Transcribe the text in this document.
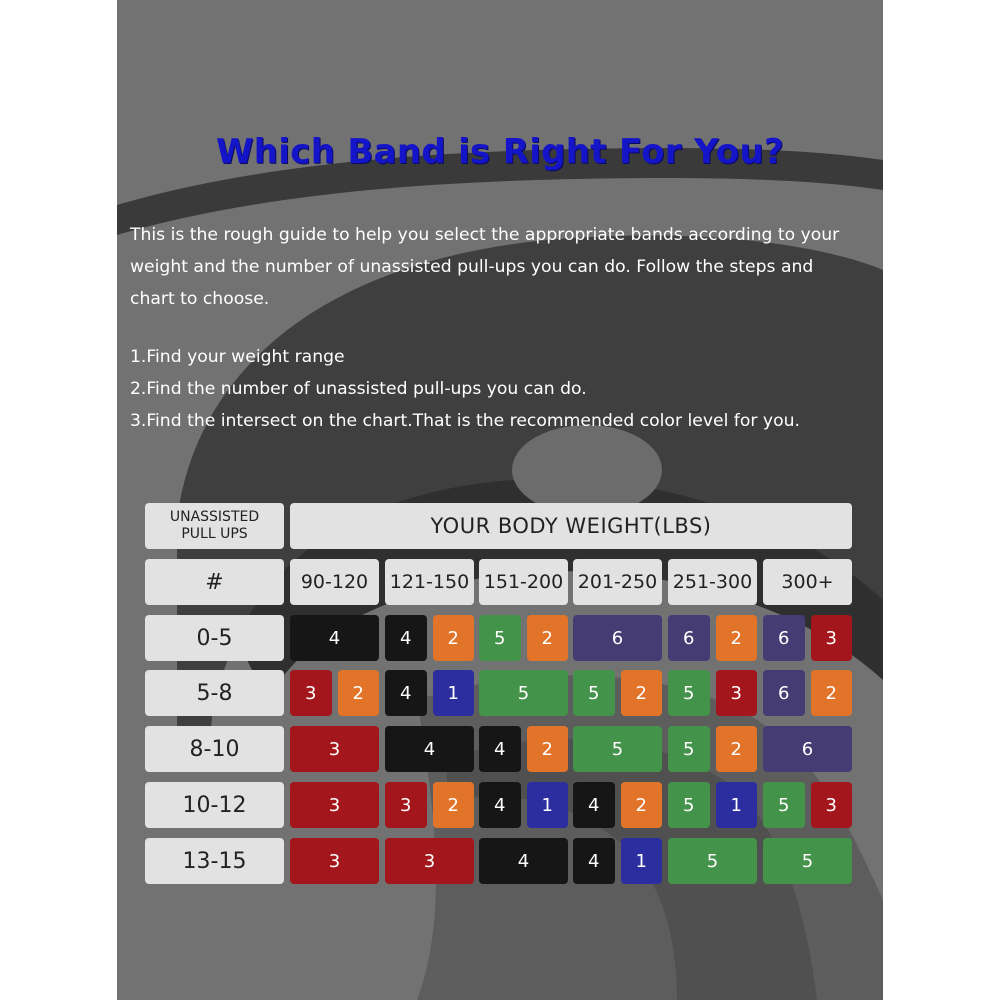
Which Band is Right For You?

This is the rough guide to help you select the appropriate bands according to your
weight and the number of unassisted pull-ups you can do. Follow the steps and
chart to choose.

1.Find your weight range
2.Find the number of unassisted pull-ups you can do.
3.Find the intersect on the chart.That is the recommended color level for you.

UNASSISTED
PULL UPS	YOUR BODY WEIGHT(LBS)
#	90-120	121-150 151-200 201-250 251-300	300+
0-5	4	4	2	5	2	6	6	2	6	3
5-8	3	2	4	1	5	5	2	5	3	6	2
8-10	3	4	4	2	5	5	2	6
10-12	3	3	2	4	1	4	2	5	1	5	3
13-15	3	3	4	4	1	5	5
